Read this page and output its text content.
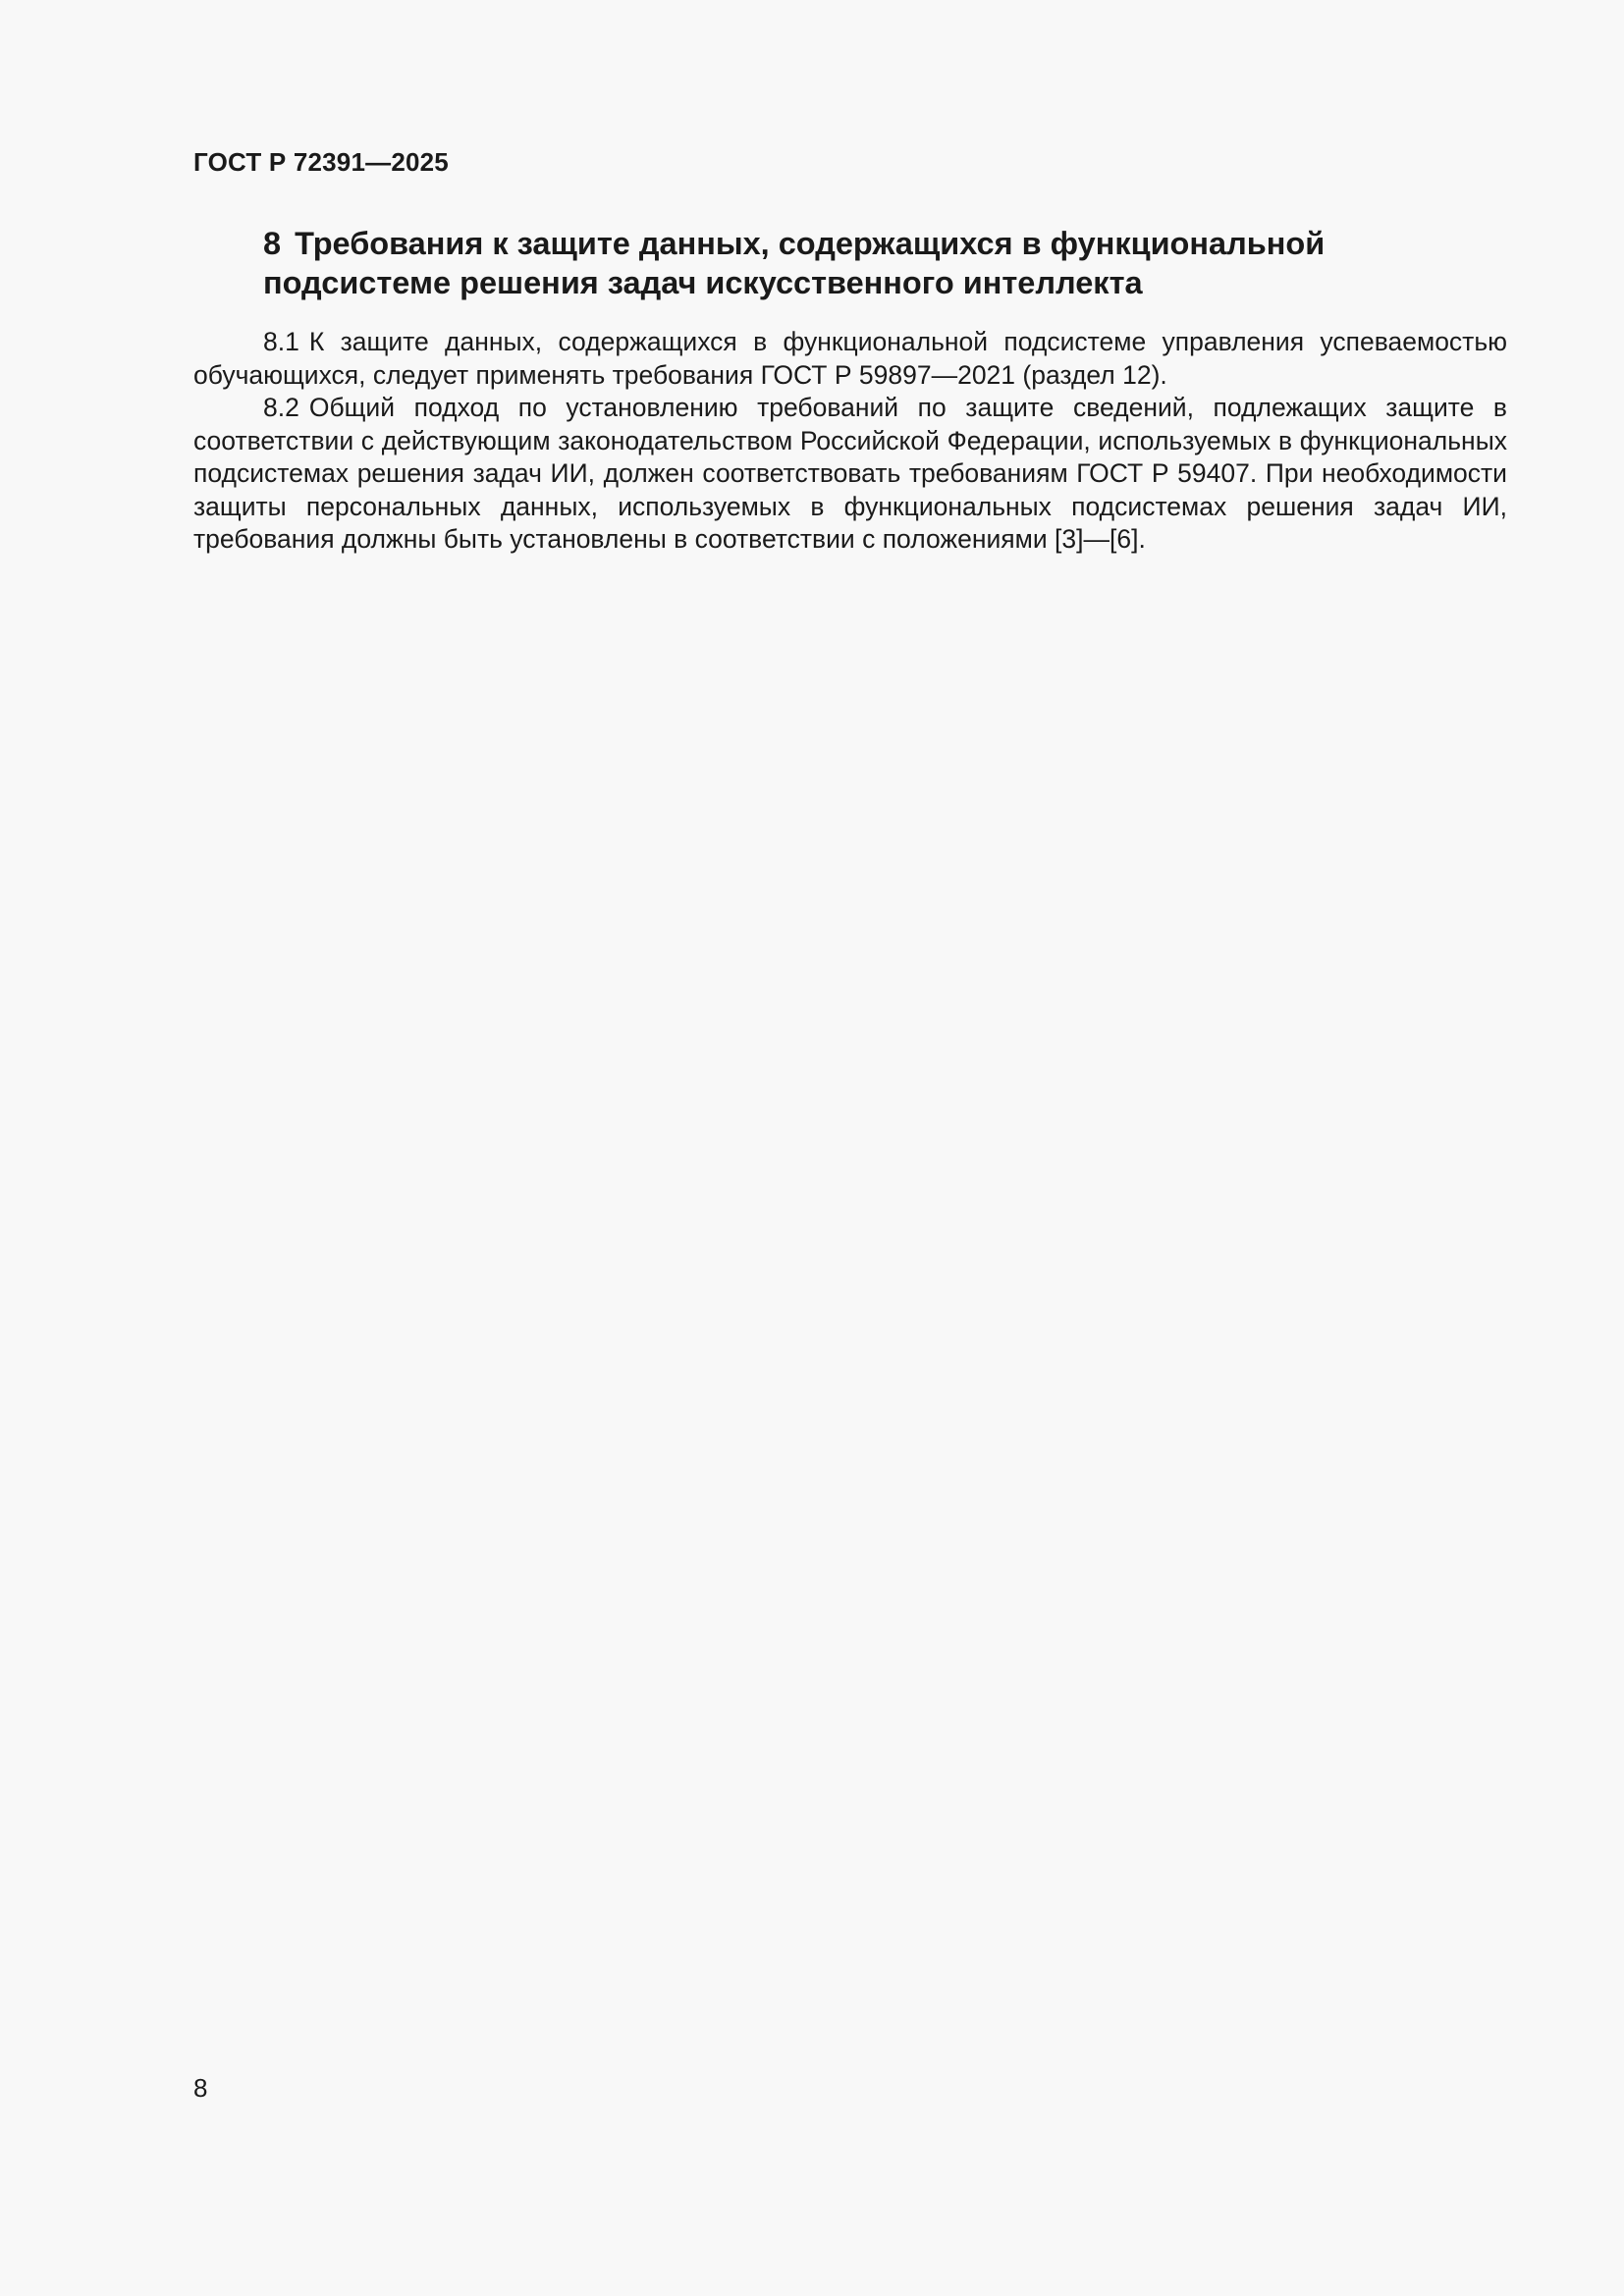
ГОСТ Р 72391—2025
8 Требования к защите данных, содержащихся в функциональной подсистеме решения задач искусственного интеллекта

8.1 К защите данных, содержащихся в функциональной подсистеме управления успеваемостью обучающихся, следует применять требования ГОСТ Р 59897—2021 (раздел 12).

8.2 Общий подход по установлению требований по защите сведений, подлежащих защите в соответствии с действующим законодательством Российской Федерации, используемых в функциональных подсистемах решения задач ИИ, должен соответствовать требованиям ГОСТ Р 59407. При необходимости защиты персональных данных, используемых в функциональных подсистемах решения задач ИИ, требования должны быть установлены в соответствии с положениями [3]—[6].

8
